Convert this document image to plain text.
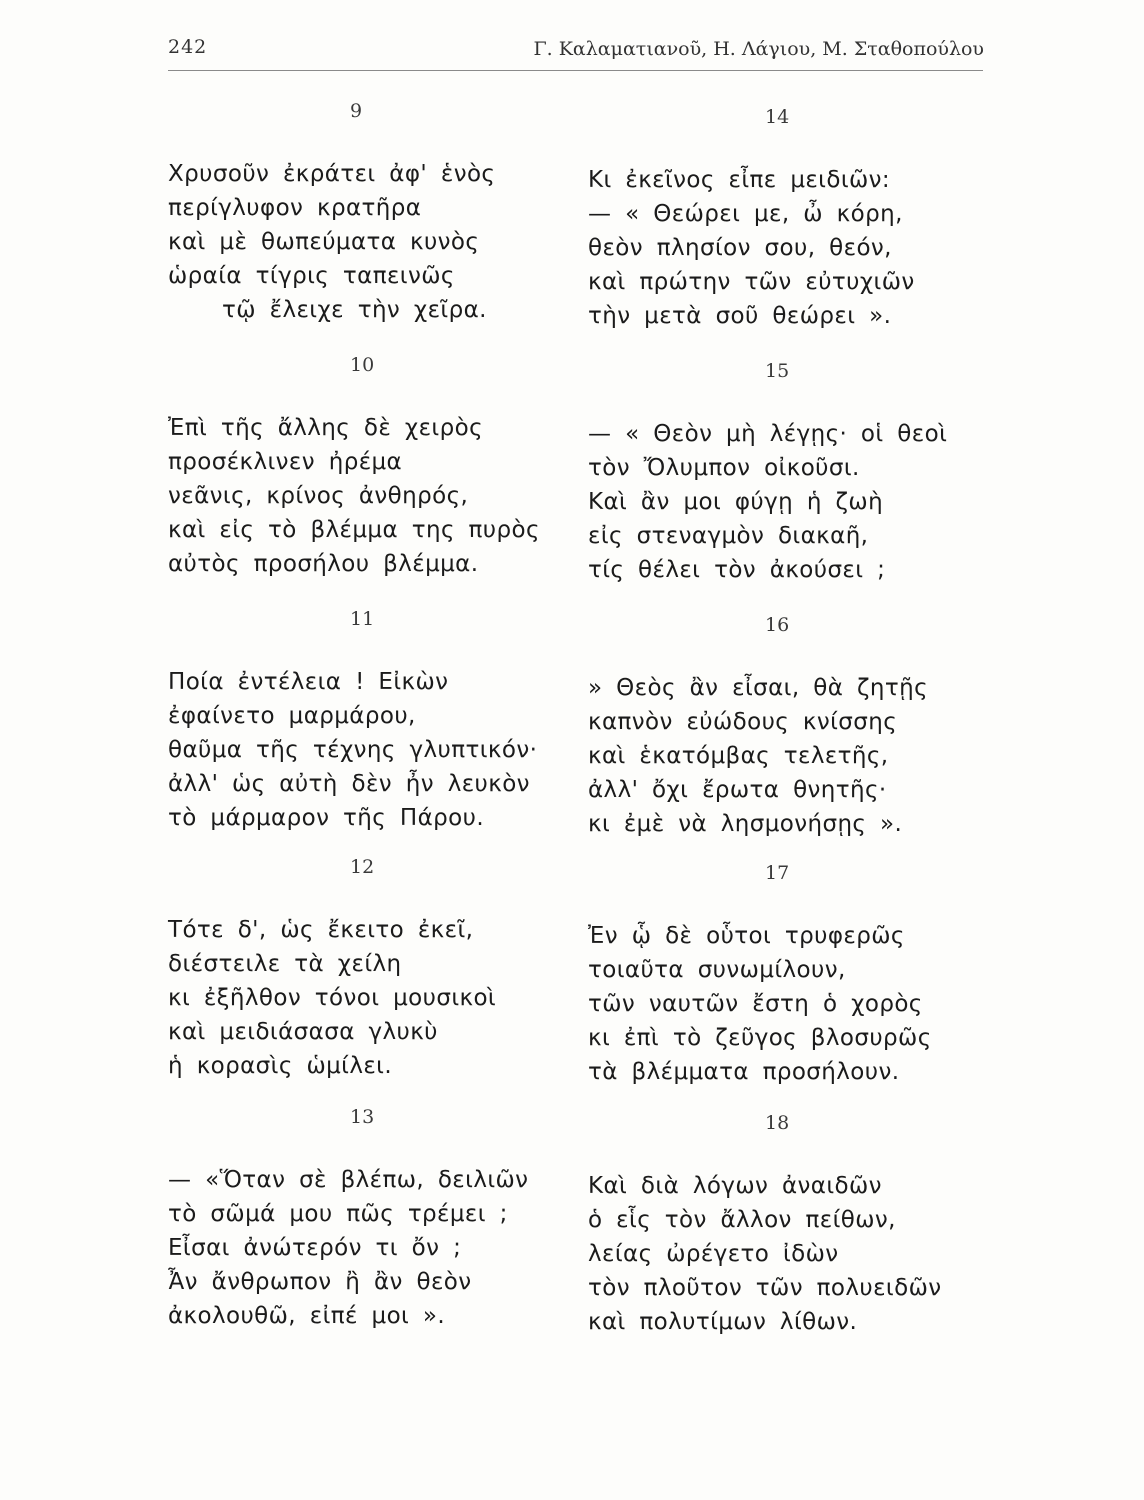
242	Γ. Καλαματιανοῦ, Η. Λάγιου, Μ. Σταθοπούλου
9
Χρυσοῦν ἐκράτει ἀφ' ἑνὸς
περίγλυφον κρατῆρα
καὶ μὲ θωπεύματα κυνὸς
ὡραία τίγρις ταπεινῶς
τῷ ἔλειχε τὴν χεῖρα.
10
Ἐπὶ τῆς ἄλλης δὲ χειρὸς
προσέκλινεν ἠρέμα
νεᾶνις, κρίνος ἀνθηρός,
καὶ εἰς τὸ βλέμμα της πυρὸς
αὐτὸς προσήλου βλέμμα.
11
Ποία ἐντέλεια ! Εἰκὼν
ἐφαίνετο μαρμάρου,
θαῦμα τῆς τέχνης γλυπτικόν·
ἀλλ' ὡς αὐτὴ δὲν ἦν λευκὸν
τὸ μάρμαρον τῆς Πάρου.
12
Τότε δ', ὡς ἔκειτο ἐκεῖ,
διέστειλε τὰ χείλη
κι ἐξῆλθον τόνοι μουσικοὶ
καὶ μειδιάσασα γλυκὺ
ἡ κορασὶς ὡμίλει.
13
— «Ὅταν σὲ βλέπω, δειλιῶν
τὸ σῶμά μου πῶς τρέμει ;
Εἶσαι ἀνώτερόν τι ὄν ;
Ἆν ἄνθρωπον ἢ ἂν θεὸν
ἀκολουθῶ, εἰπέ μοι ».
14
Κι ἐκεῖνος εἶπε μειδιῶν:
— « Θεώρει με, ὦ κόρη,
θεὸν πλησίον σου, θεόν,
καὶ πρώτην τῶν εὐτυχιῶν
τὴν μετὰ σοῦ θεώρει ».
15
— « Θεὸν μὴ λέγῃς· οἱ θεοὶ
τὸν Ὄλυμπον οἰκοῦσι.
Καὶ ἂν μοι φύγῃ ἡ ζωὴ
εἰς στεναγμὸν διακαῆ,
τίς θέλει τὸν ἀκούσει ;
16
» Θεὸς ἂν εἶσαι, θὰ ζητῇς
καπνὸν εὐώδους κνίσσης
καὶ ἑκατόμβας τελετῆς,
ἀλλ' ὄχι ἔρωτα θνητῆς·
κι ἐμὲ νὰ λησμονήσῃς ».
17
Ἐν ᾧ δὲ οὗτοι τρυφερῶς
τοιαῦτα συνωμίλουν,
τῶν ναυτῶν ἔστη ὁ χορὸς
κι ἐπὶ τὸ ζεῦγος βλοσυρῶς
τὰ βλέμματα προσήλουν.
18
Καὶ διὰ λόγων ἀναιδῶν
ὁ εἷς τὸν ἄλλον πείθων,
λείας ὠρέγετο ἰδὼν
τὸν πλοῦτον τῶν πολυειδῶν
καὶ πολυτίμων λίθων.
